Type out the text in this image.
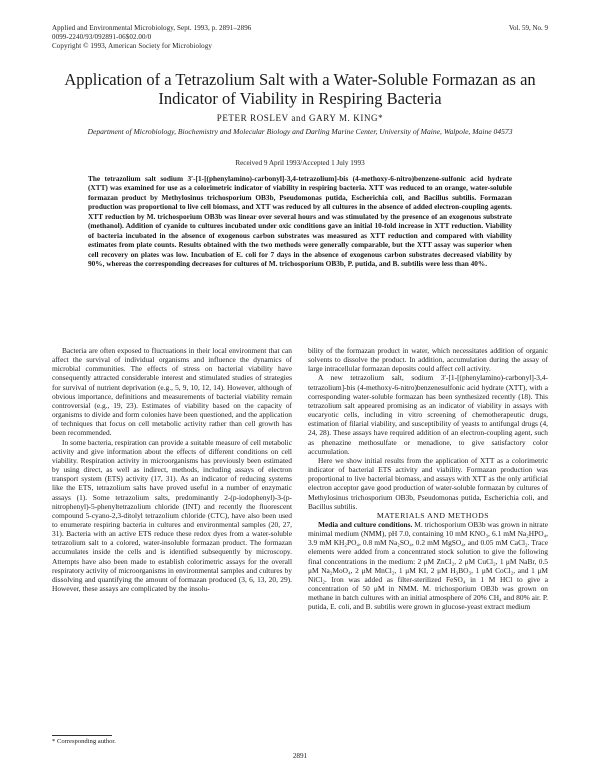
Applied and Environmental Microbiology, Sept. 1993, p. 2891–2896
0099-2240/93/092891-06$02.00/0
Copyright © 1993, American Society for Microbiology
Vol. 59, No. 9
Application of a Tetrazolium Salt with a Water-Soluble Formazan as an Indicator of Viability in Respiring Bacteria
PETER ROSLEV and GARY M. KING*
Department of Microbiology, Biochemistry and Molecular Biology and Darling Marine Center, University of Maine, Walpole, Maine 04573
Received 9 April 1993/Accepted 1 July 1993
The tetrazolium salt sodium 3′-[1-[(phenylamino)-carbonyl]-3,4-tetrazolium]-bis (4-methoxy-6-nitro)benzene-sulfonic acid hydrate (XTT) was examined for use as a colorimetric indicator of viability in respiring bacteria. XTT was reduced to an orange, water-soluble formazan product by Methylosinus trichosporium OB3b, Pseudomonas putida, Escherichia coli, and Bacillus subtilis. Formazan production was proportional to live cell biomass, and XTT was reduced by all cultures in the absence of added electron-coupling agents. XTT reduction by M. trichosporium OB3b was linear over several hours and was stimulated by the presence of an exogenous substrate (methanol). Addition of cyanide to cultures incubated under oxic conditions gave an initial 10-fold increase in XTT reduction. Viability of bacteria incubated in the absence of exogenous carbon substrates was measured as XTT reduction and compared with viability estimates from plate counts. Results obtained with the two methods were generally comparable, but the XTT assay was superior when cell recovery on plates was low. Incubation of E. coli for 7 days in the absence of exogenous carbon substrates decreased viability by 90%, whereas the corresponding decreases for cultures of M. trichosporium OB3b, P. putida, and B. subtilis were less than 40%.

Bacteria are often exposed to fluctuations in their local environment that can affect the survival of individual organisms and influence the dynamics of microbial communities. The effects of stress on bacterial viability have consequently attracted considerable interest and stimulated studies of strategies for survival of nutrient deprivation (e.g., 5, 9, 10, 12, 14). However, although of obvious importance, definitions and measurements of bacterial viability remain controversial (e.g., 19, 23). Estimates of viability based on the capacity of organisms to divide and form colonies have been questioned, and the application of techniques that focus on cell metabolic activity rather than cell growth has been recommended.

In some bacteria, respiration can provide a suitable measure of cell metabolic activity and give information about the effects of different conditions on cell viability. Respiration activity in microorganisms has previously been estimated by using direct, as well as indirect, methods, including assays of electron transport system (ETS) activity (17, 31). As an indicator of reducing systems like the ETS, tetrazolium salts have proved useful in a number of enzymatic assays (1). Some tetrazolium salts, predominantly 2-(p-iodophenyl)-3-(p-nitrophenyl)-5-phenyltetrazolium chloride (INT) and recently the fluorescent compound 5-cyano-2,3-ditolyl tetrazolium chloride (CTC), have also been used to enumerate respiring bacteria in cultures and environmental samples (20, 27, 31). Bacteria with an active ETS reduce these redox dyes from a water-soluble tetrazolium salt to a colored, water-insoluble formazan product. The formazan accumulates inside the cells and is identified subsequently by microscopy. Attempts have also been made to establish colorimetric assays for the overall respiratory activity of microorganisms in environmental samples and cultures by dissolving and quantifying the amount of formazan produced (3, 6, 13, 20, 29). However, these assays are complicated by the insolu-

bility of the formazan product in water, which necessitates addition of organic solvents to dissolve the product. In addition, accumulation during the assay of large intracellular formazan deposits could affect cell activity.

A new tetrazolium salt, sodium 3′-[1-[(phenylamino)-carbonyl]-3,4-tetrazolium]-bis (4-methoxy-6-nitro)benzenesulfonic acid hydrate (XTT), with a corresponding water-soluble formazan has been synthesized recently (18). This tetrazolium salt appeared promising as an indicator of viability in assays with eucaryotic cells, including in vitro screening of chemotherapeutic drugs, estimation of filarial viability, and susceptibility of yeasts to antifungal drugs (4, 24, 28). These assays have required addition of an electron-coupling agent, such as phenazine methosulfate or menadione, to give satisfactory color accumulation.

Here we show initial results from the application of XTT as a colorimetric indicator of bacterial ETS activity and viability. Formazan production was proportional to live bacterial biomass, and assays with XTT as the only artificial electron acceptor gave good production of water-soluble formazan by cultures of Methylosinus trichosporium OB3b, Pseudomonas putida, Escherichia coli, and Bacillus subtilis.

MATERIALS AND METHODS

Media and culture conditions. M. trichosporium OB3b was grown in nitrate minimal medium (NMM), pH 7.0, containing 10 mM KNO₃, 6.1 mM Na₂HPO₄, 3.9 mM KH₂PO₄, 0.8 mM Na₂SO₄, 0.2 mM MgSO₄, and 0.05 mM CaCl₂. Trace elements were added from a concentrated stock solution to give the following final concentrations in the medium: 2 μM ZnCl₂, 2 μM CuCl₂, 1 μM NaBr, 0.5 μM Na₂MoO₄, 2 μM MnCl₂, 1 μM KI, 2 μM H₃BO₃, 1 μM CoCl₂, and 1 μM NiCl₂. Iron was added as filter-sterilized FeSO₄ in 1 M HCl to give a concentration of 50 μM in NMM. M. trichosporium OB3b was grown on methane in batch cultures with an initial atmosphere of 20% CH₄ and 80% air. P. putida, E. coli, and B. subtilis were grown in glucose-yeast extract medium

* Corresponding author.
2891
